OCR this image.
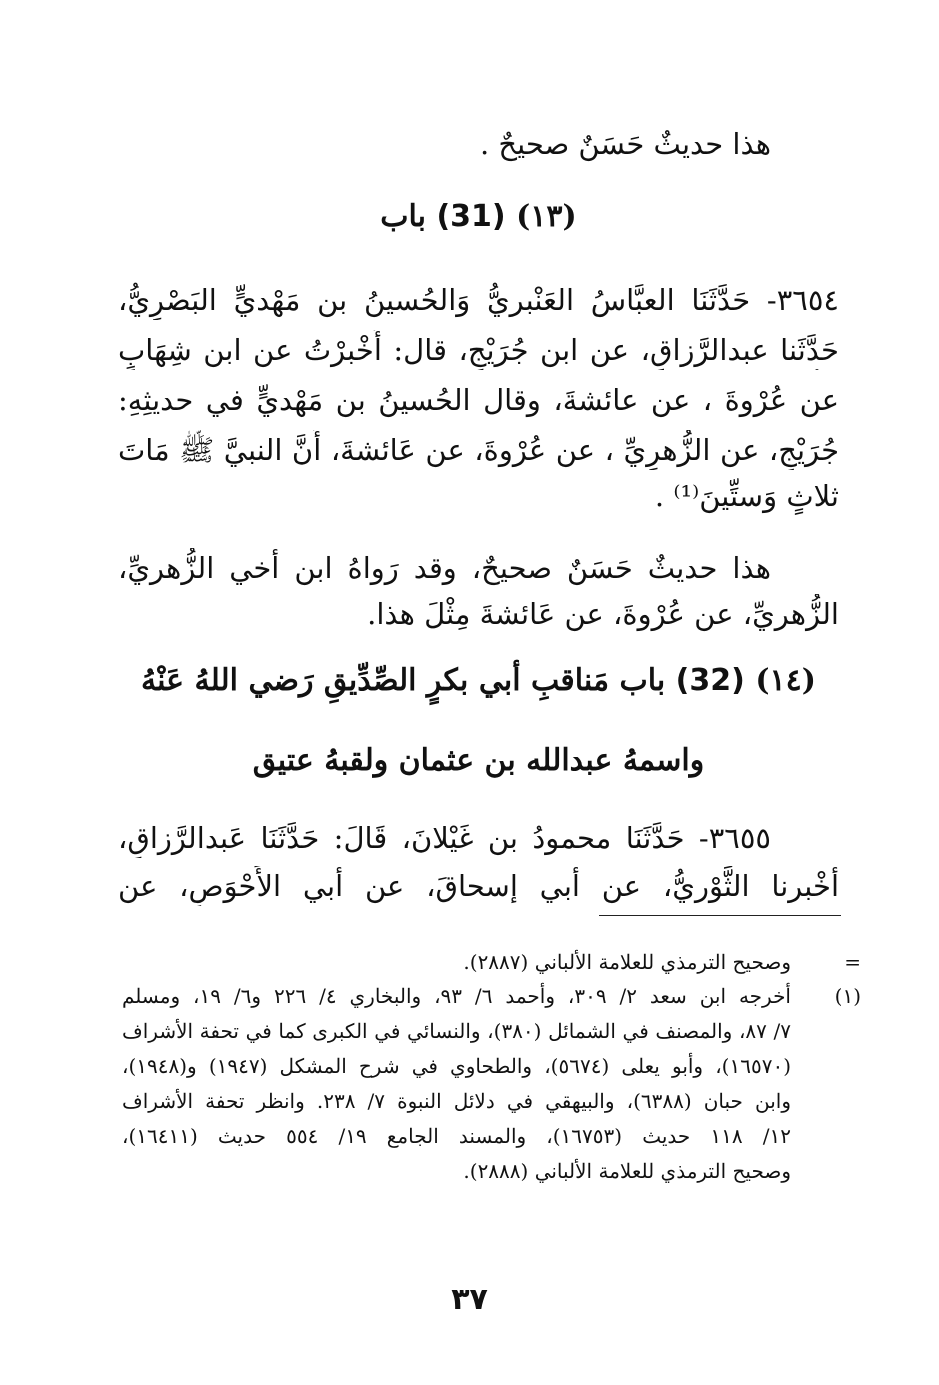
هذا حديثٌ حَسَنٌ صحيحٌ .
(١٣) (31) باب
٣٦٥٤- حَدَّثَنَا العبَّاسُ العَنْبريُّ وَالحُسينُ بن مَهْديٍّ البَصْرِيُّ،
حَدَّثَنا عبدالرَّزاقِ، عن ابن جُرَيْجٍ، قال: أُخْبرْتُ عن ابن شِهَابٍ
عن عُرْوةَ ، عن عائشةَ، وقال الحُسينُ بن مَهْديٍّ في حديثِهِ:
جُرَيْجٍ، عن الزُّهرِيِّ ، عن عُرْوةَ، عن عَائشةَ، أَنَّ النبيَّ ﷺ مَاتَ
ثلاثٍ وَستِّينَ⁽¹⁾ .
هذا حديثٌ حَسَنٌ صحيحٌ، وقد رَواهُ ابن أخي الزُّهريِّ،
الزُّهريِّ، عن عُرْوةَ، عن عَائشةَ مِثْلَ هذا.
(١٤) (32) باب مَناقبِ أبي بكرٍ الصِّدِّيقِ رَضي اللهُ عَنْهُ
واسمهُ عبدالله بن عثمان ولقبهُ عتيق
٣٦٥٥- حَدَّثَنَا محمودُ بن غَيْلانَ، قَالَ: حَدَّثَنَا عَبدالرَّزاقِ،
أخْبرنا الثَّوْريُّ، عن أبي إسحاقَ، عن أبي الأَحْوَصِ، عن
=
وصحيح الترمذي للعلامة الألباني (٢٨٨٧).
(١)
أخرجه ابن سعد ٢/ ٣٠٩، وأحمد ٦/ ٩٣، والبخاري ٤/ ٢٢٦ و٦/ ١٩، ومسلم
٧/ ٨٧، والمصنف في الشمائل (٣٨٠)، والنسائي في الكبرى كما في تحفة الأشراف
(١٦٥٧٠)، وأبو يعلى (٥٦٧٤)، والطحاوي في شرح المشكل (١٩٤٧) و(١٩٤٨)،
وابن حبان (٦٣٨٨)، والبيهقي في دلائل النبوة ٧/ ٢٣٨. وانظر تحفة الأشراف
١٢/ ١١٨ حديث (١٦٧٥٣)، والمسند الجامع ١٩/ ٥٥٤ حديث (١٦٤١١)،
وصحيح الترمذي للعلامة الألباني (٢٨٨٨).
٣٧
